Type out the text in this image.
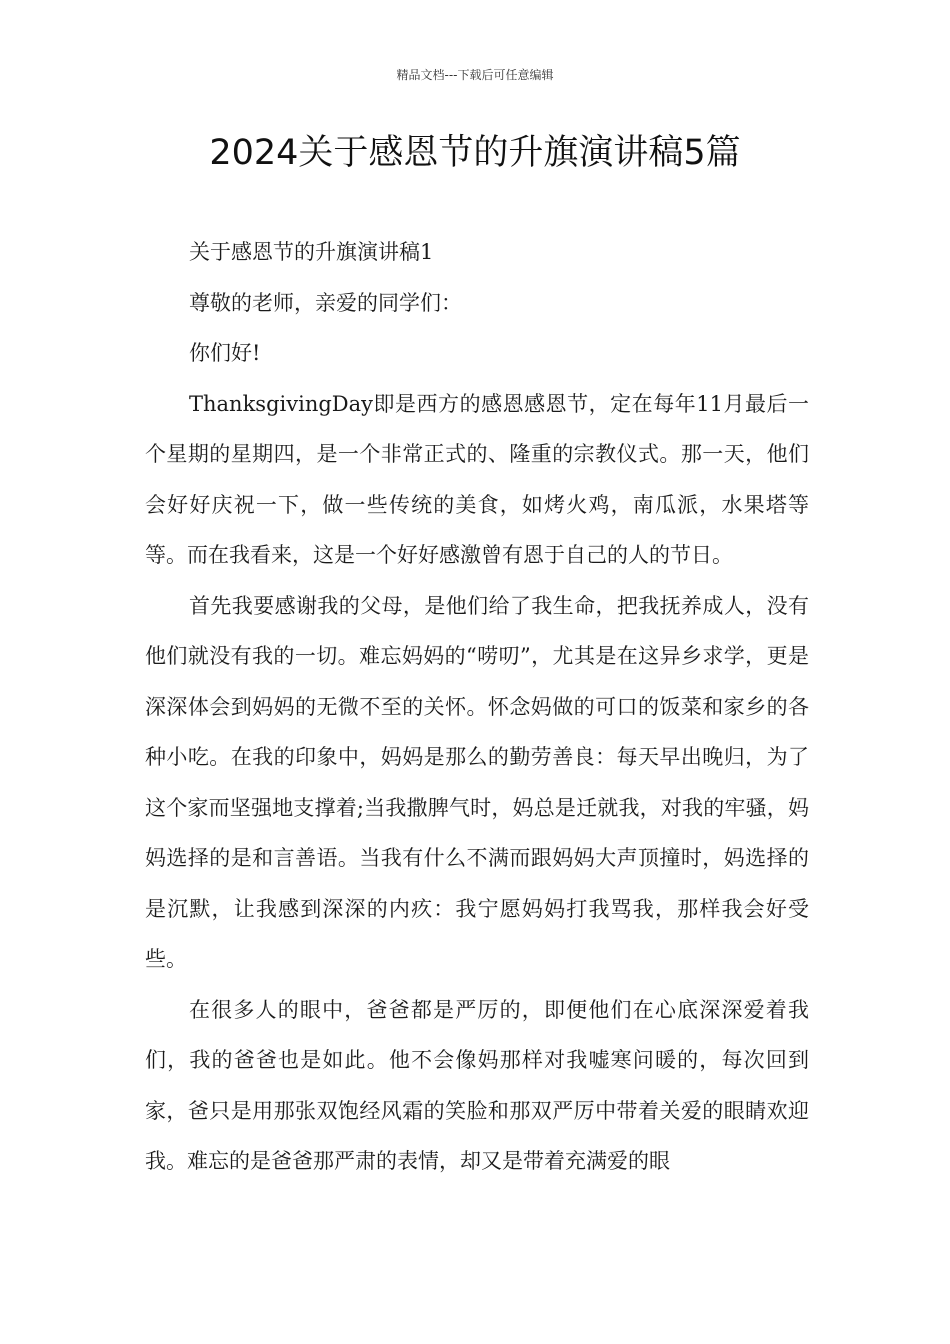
精品文档---下载后可任意编辑
2024关于感恩节的升旗演讲稿5篇

关于感恩节的升旗演讲稿1

尊敬的老师，亲爱的同学们：

你们好!

ThanksgivingDay即是西方的感恩感恩节，定在每年11月最后一个星期的星期四，是一个非常正式的、隆重的宗教仪式。那一天，他们会好好庆祝一下，做一些传统的美食，如烤火鸡，南瓜派，水果塔等等。而在我看来，这是一个好好感激曾有恩于自己的人的节日。

首先我要感谢我的父母，是他们给了我生命，把我抚养成人，没有他们就没有我的一切。难忘妈妈的“唠叨”，尤其是在这异乡求学，更是深深体会到妈妈的无微不至的关怀。怀念妈做的可口的饭菜和家乡的各种小吃。在我的印象中，妈妈是那么的勤劳善良：每天早出晚归，为了这个家而坚强地支撑着;当我撒脾气时，妈总是迁就我，对我的牢骚，妈妈选择的是和言善语。当我有什么不满而跟妈妈大声顶撞时，妈选择的是沉默，让我感到深深的内疚：我宁愿妈妈打我骂我，那样我会好受些。

在很多人的眼中，爸爸都是严厉的，即便他们在心底深深爱着我们，我的爸爸也是如此。他不会像妈那样对我嘘寒问暖的，每次回到家，爸只是用那张双饱经风霜的笑脸和那双严厉中带着关爱的眼睛欢迎我。难忘的是爸爸那严肃的表情，却又是带着充满爱的眼
